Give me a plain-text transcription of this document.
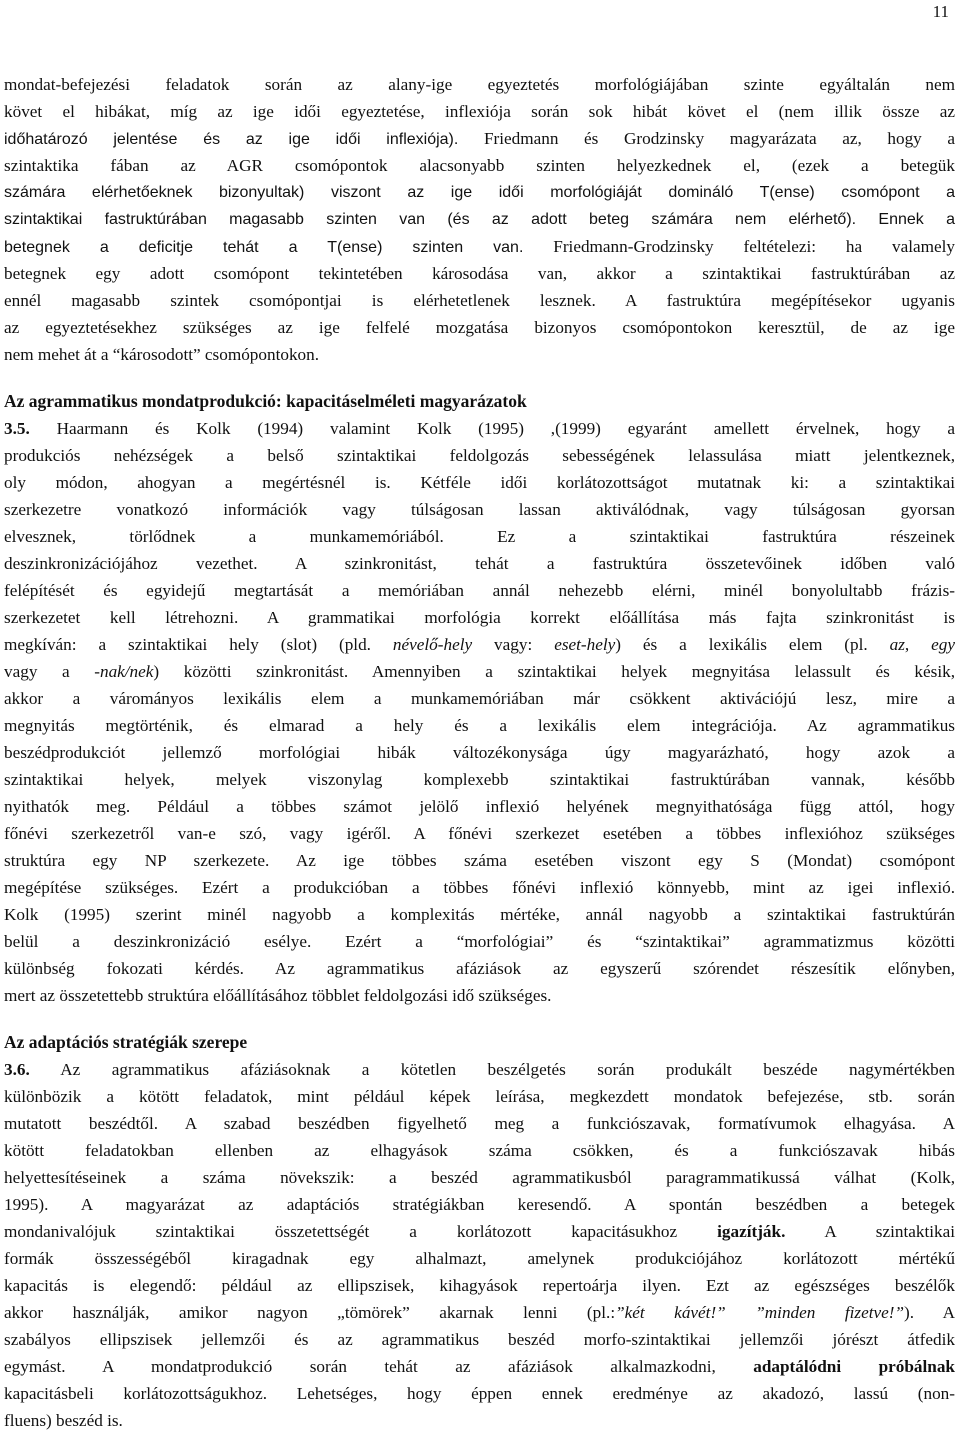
11
mondat-befejezési feladatok során az alany-ige egyeztetés morfológiájában szinte egyáltalán nem
követ el hibákat, míg az ige idői egyeztetése, inflexiója során sok hibát követ el (nem illik össze az
időhatározó jelentése és az ige idői inflexiója). Friedmann és Grodzinsky magyarázata az, hogy a
szintaktika fában az AGR csomópontok alacsonyabb szinten helyezkednek el, (ezek a betegük
számára elérhetőeknek bizonyultak) viszont az ige idői morfológiáját domináló T(ense) csomópont a
szintaktikai fastruktúrában magasabb szinten van (és az adott beteg számára nem elérhető). Ennek a
betegnek a deficitje tehát a T(ense) szinten van. Friedmann-Grodzinsky feltételezi: ha valamely
betegnek egy adott csomópont tekintetében károsodása van, akkor a szintaktikai fastruktúrában az
ennél magasabb szintek csomópontjai is elérhetetlenek lesznek. A fastruktúra megépítésekor ugyanis
az egyeztetésekhez szükséges az ige felfelé mozgatása bizonyos csomópontokon keresztül, de az ige
nem mehet át a “károsodott” csomópontokon.
Az agrammatikus mondatprodukció: kapacitáselméleti magyarázatok
3.5. Haarmann és Kolk (1994) valamint Kolk (1995) ,(1999) egyaránt amellett érvelnek, hogy a
produkciós nehézségek a belső szintaktikai feldolgozás sebességének lelassulása miatt jelentkeznek,
oly módon, ahogyan a megértésnél is. Kétféle idői korlátozottságot mutatnak ki: a szintaktikai
szerkezetre vonatkozó információk vagy túlságosan lassan aktiválódnak, vagy túlságosan gyorsan
elvesznek, törlődnek a munkamemóriából. Ez a szintaktikai fastruktúra részeinek
deszinkronizációjához vezethet. A szinkronitást, tehát a fastruktúra összetevőinek időben való
felépítését és egyidejű megtartását a memóriában annál nehezebb elérni, minél bonyolultabb frázis-
szerkezetet kell létrehozni. A grammatikai morfológia korrekt előállítása más fajta szinkronitást is
megkíván: a szintaktikai hely (slot) (pld. névelő-hely vagy: eset-hely) és a lexikális elem (pl. az, egy
vagy a -nak/nek) közötti szinkronitást. Amennyiben a szintaktikai helyek megnyitása lelassult és késik,
akkor a várományos lexikális elem a munkamemóriában már csökkent aktivációjú lesz, mire a
megnyitás megtörténik, és elmarad a hely és a lexikális elem integrációja. Az agrammatikus
beszédprodukciót jellemző morfológiai hibák változékonysága úgy magyarázható, hogy azok a
szintaktikai helyek, melyek viszonylag komplexebb szintaktikai fastruktúrában vannak, később
nyithatók meg. Például a többes számot jelölő inflexió helyének megnyithatósága függ attól, hogy
főnévi szerkezetről van-e szó, vagy igéről. A főnévi szerkezet esetében a többes inflexióhoz szükséges
struktúra egy NP szerkezete. Az ige többes száma esetében viszont egy S (Mondat) csomópont
megépítése szükséges. Ezért a produkcióban a többes főnévi inflexió könnyebb, mint az igei inflexió.
Kolk (1995) szerint minél nagyobb a komplexitás mértéke, annál nagyobb a szintaktikai fastruktúrán
belül a deszinkronizáció esélye. Ezért a “morfológiai” és “szintaktikai” agrammatizmus közötti
különbség fokozati kérdés. Az agrammatikus afáziások az egyszerű szórendet részesítik előnyben,
mert az összetettebb struktúra előállításához többlet feldolgozási idő szükséges.
Az adaptációs stratégiák szerepe
3.6. Az agrammatikus afáziásoknak a kötetlen beszélgetés során produkált beszéde nagymértékben
különbözik a kötött feladatok, mint például képek leírása, megkezdett mondatok befejezése, stb. során
mutatott beszédtől. A szabad beszédben figyelhető meg a funkciószavak, formatívumok elhagyása. A
kötött feladatokban ellenben az elhagyások száma csökken, és a funkciószavak hibás
helyettesítéseinek a száma növekszik: a beszéd agrammatikusból paragrammatikussá válhat (Kolk,
1995). A magyarázat az adaptációs stratégiákban keresendő. A spontán beszédben a betegek
mondanivalójuk szintaktikai összetettségét a korlátozott kapacitásukhoz igazítják. A szintaktikai
formák összességéből kiragadnak egy alhalmazt, amelynek produkciójához korlátozott mértékű
kapacitás is elegendő: például az ellipszisek, kihagyások repertoárja ilyen. Ezt az egészséges beszélők
akkor használják, amikor nagyon „tömörek” akarnak lenni (pl.:”két kávét!” ”minden fizetve!”). A
szabályos ellipszisek jellemzői és az agrammatikus beszéd morfo-szintaktikai jellemzői jórészt átfedik
egymást. A mondatprodukció során tehát az afáziások alkalmazkodni, adaptálódni próbálnak
kapacitásbeli korlátozottságukhoz. Lehetséges, hogy éppen ennek eredménye az akadozó, lassú (non-
fluens) beszéd is.
